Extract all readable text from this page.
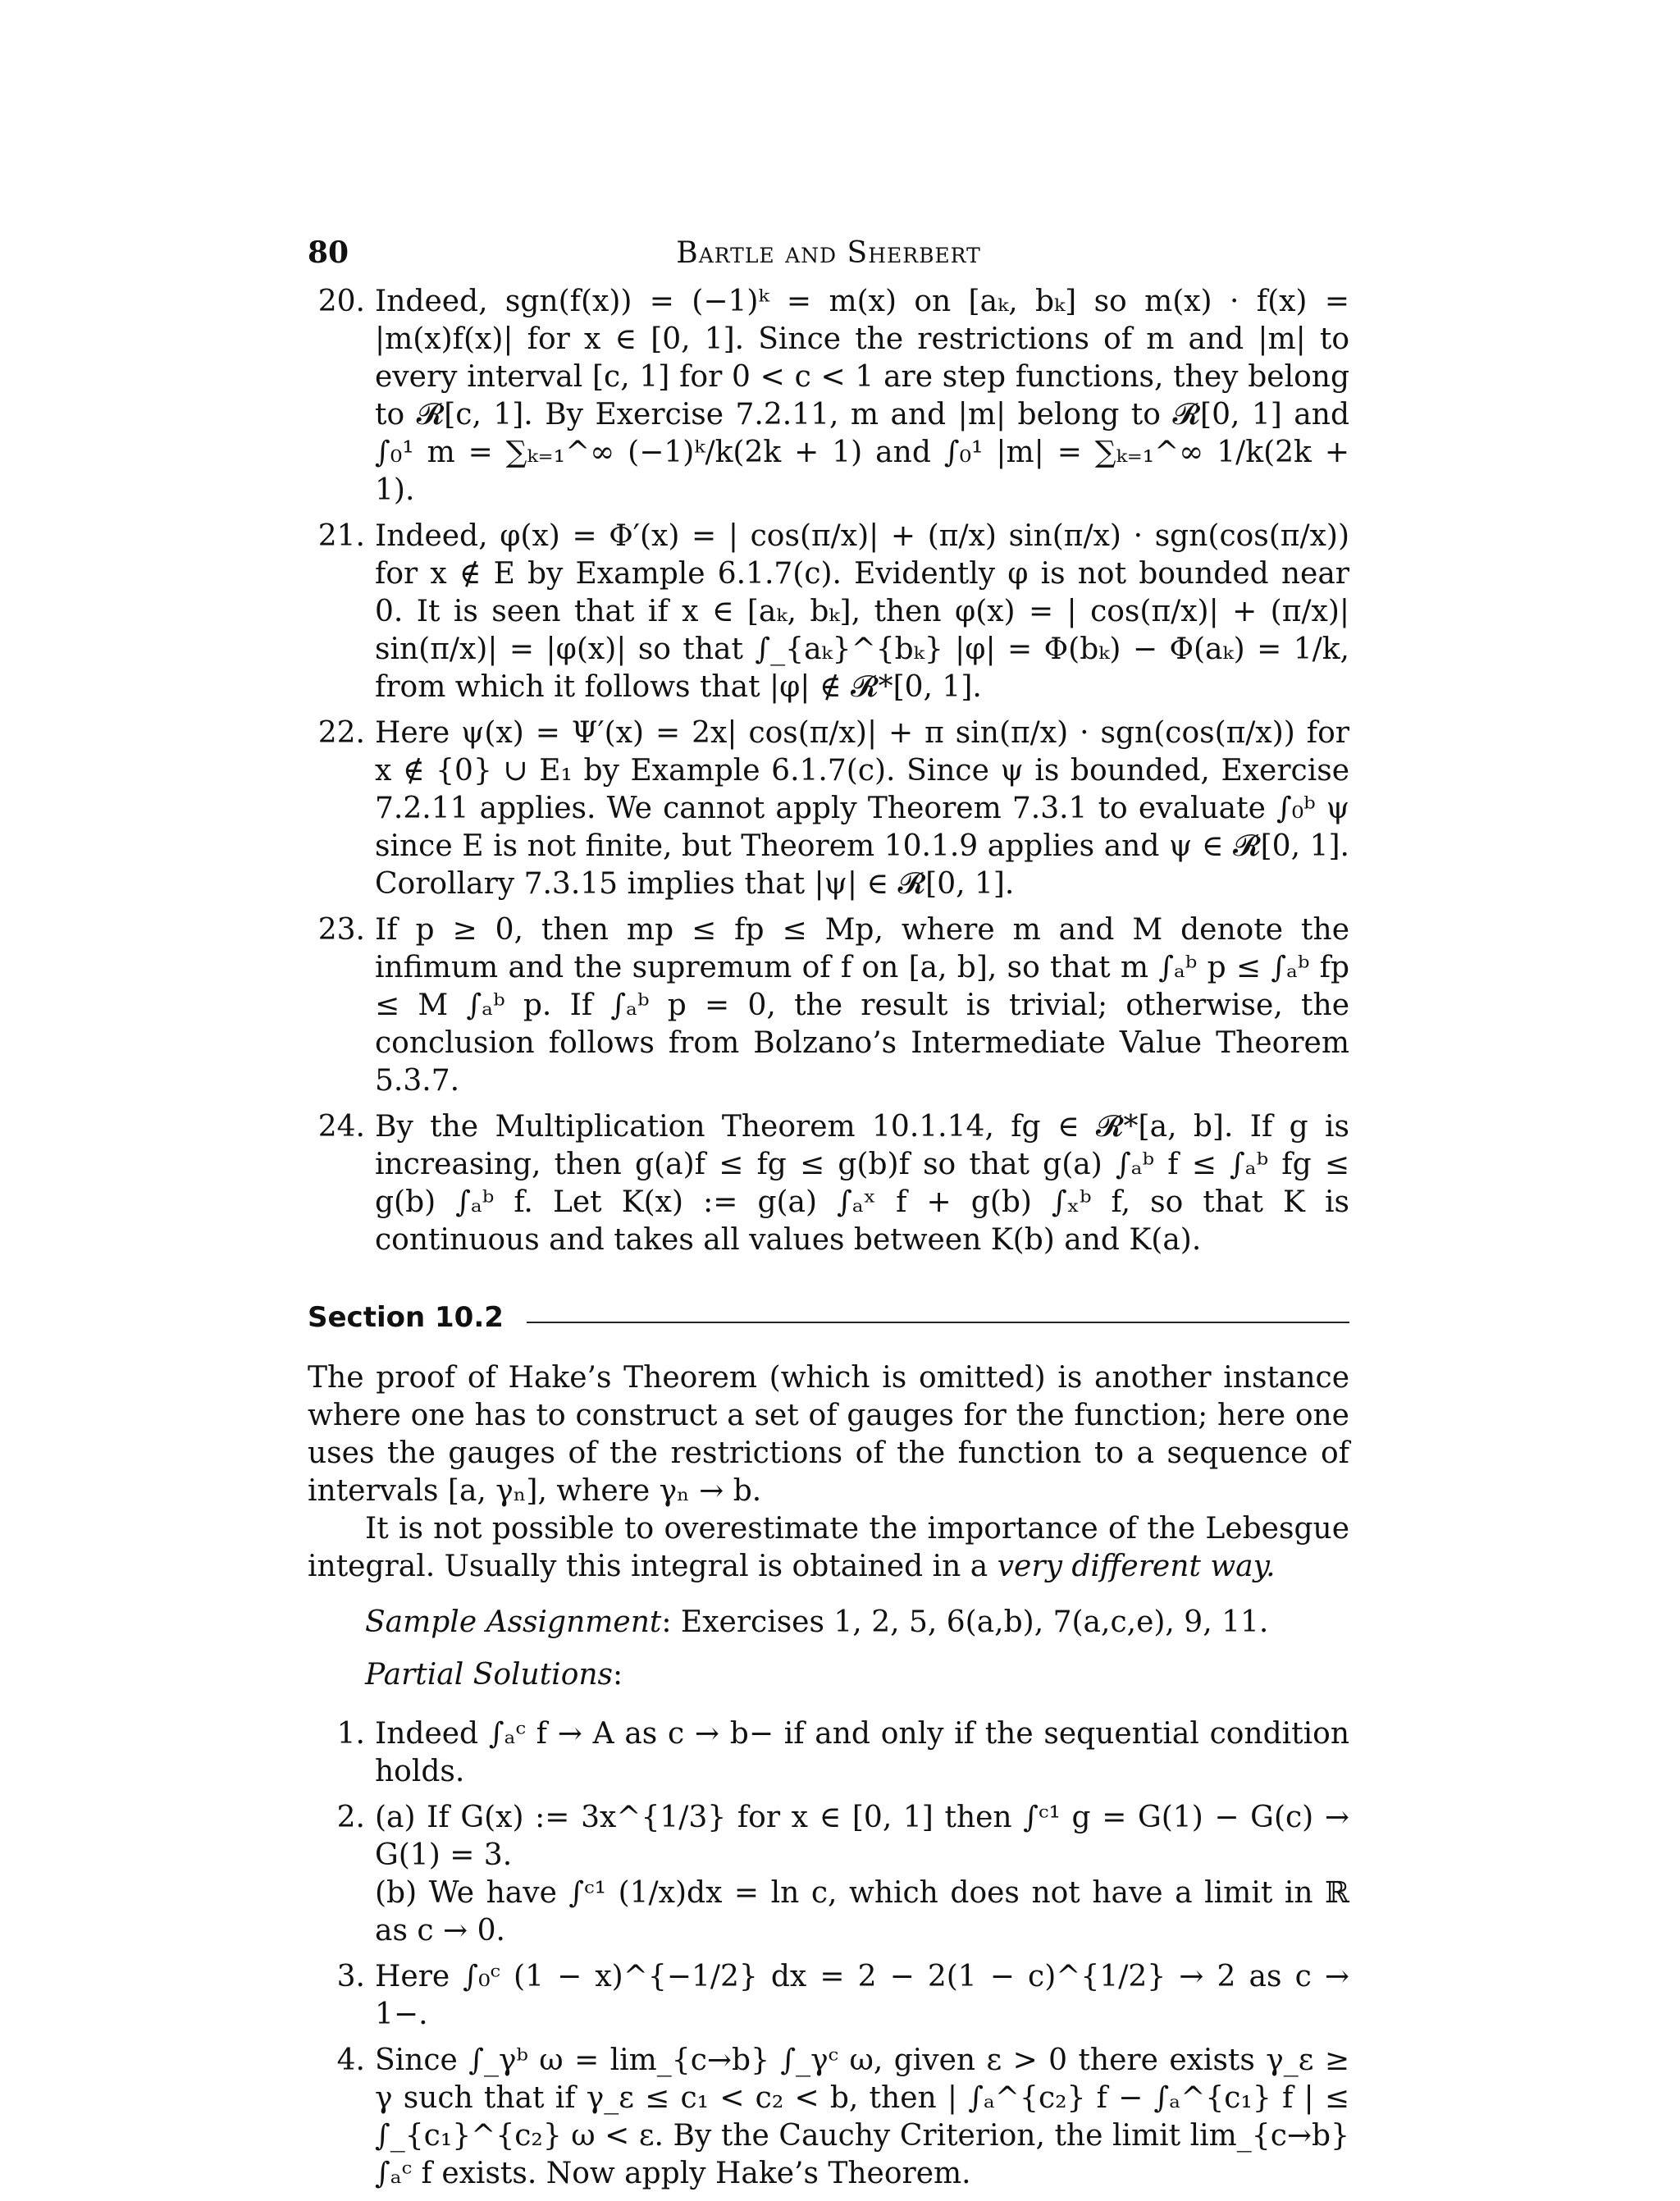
80	Bartle and Sherbert
20. Indeed, sgn(f(x)) = (−1)ᵏ = m(x) on [aₖ, bₖ] so m(x) · f(x) = |m(x)f(x)| for x ∈ [0, 1]. Since the restrictions of m and |m| to every interval [c, 1] for 0 < c < 1 are step functions, they belong to 𝓡[c, 1]. By Exercise 7.2.11, m and |m| belong to 𝓡[0, 1] and ∫₀¹ m = ∑ₖ₌₁^∞ (−1)ᵏ/k(2k + 1) and ∫₀¹ |m| = ∑ₖ₌₁^∞ 1/k(2k + 1).
21. Indeed, φ(x) = Φ′(x) = | cos(π/x)| + (π/x) sin(π/x) · sgn(cos(π/x)) for x ∉ E by Example 6.1.7(c). Evidently φ is not bounded near 0. It is seen that if x ∈ [aₖ, bₖ], then φ(x) = | cos(π/x)| + (π/x)| sin(π/x)| = |φ(x)| so that ∫_{aₖ}^{bₖ} |φ| = Φ(bₖ) − Φ(aₖ) = 1/k, from which it follows that |φ| ∉ 𝓡*[0, 1].
22. Here ψ(x) = Ψ′(x) = 2x| cos(π/x)| + π sin(π/x) · sgn(cos(π/x)) for x ∉ {0} ∪ E₁ by Example 6.1.7(c). Since ψ is bounded, Exercise 7.2.11 applies. We cannot apply Theorem 7.3.1 to evaluate ∫₀ᵇ ψ since E is not finite, but Theorem 10.1.9 applies and ψ ∈ 𝓡[0, 1]. Corollary 7.3.15 implies that |ψ| ∈ 𝓡[0, 1].
23. If p ≥ 0, then mp ≤ fp ≤ Mp, where m and M denote the infimum and the supremum of f on [a, b], so that m ∫ₐᵇ p ≤ ∫ₐᵇ fp ≤ M ∫ₐᵇ p. If ∫ₐᵇ p = 0, the result is trivial; otherwise, the conclusion follows from Bolzano’s Intermediate Value Theorem 5.3.7.
24. By the Multiplication Theorem 10.1.14, fg ∈ 𝓡*[a, b]. If g is increasing, then g(a)f ≤ fg ≤ g(b)f so that g(a) ∫ₐᵇ f ≤ ∫ₐᵇ fg ≤ g(b) ∫ₐᵇ f. Let K(x) := g(a) ∫ₐˣ f + g(b) ∫ₓᵇ f, so that K is continuous and takes all values between K(b) and K(a).
Section 10.2

The proof of Hake’s Theorem (which is omitted) is another instance where one has to construct a set of gauges for the function; here one uses the gauges of the restrictions of the function to a sequence of intervals [a, γₙ], where γₙ → b.

It is not possible to overestimate the importance of the Lebesgue integral. Usually this integral is obtained in a very different way.

Sample Assignment: Exercises 1, 2, 5, 6(a,b), 7(a,c,e), 9, 11.
Partial Solutions:
1. Indeed ∫ₐᶜ f → A as c → b− if and only if the sequential condition holds.
2. (a) If G(x) := 3x^{1/3} for x ∈ [0, 1] then ∫ᶜ¹ g = G(1) − G(c) → G(1) = 3.
(b) We have ∫ᶜ¹ (1/x)dx = ln c, which does not have a limit in ℝ as c → 0.
3. Here ∫₀ᶜ (1 − x)^{−1/2} dx = 2 − 2(1 − c)^{1/2} → 2 as c → 1−.
4. Since ∫_γᵇ ω = lim_{c→b} ∫_γᶜ ω, given ε > 0 there exists γ_ε ≥ γ such that if γ_ε ≤ c₁ < c₂ < b, then | ∫ₐ^{c₂} f − ∫ₐ^{c₁} f | ≤ ∫_{c₁}^{c₂} ω < ε. By the Cauchy Criterion, the limit lim_{c→b} ∫ₐᶜ f exists. Now apply Hake’s Theorem.
